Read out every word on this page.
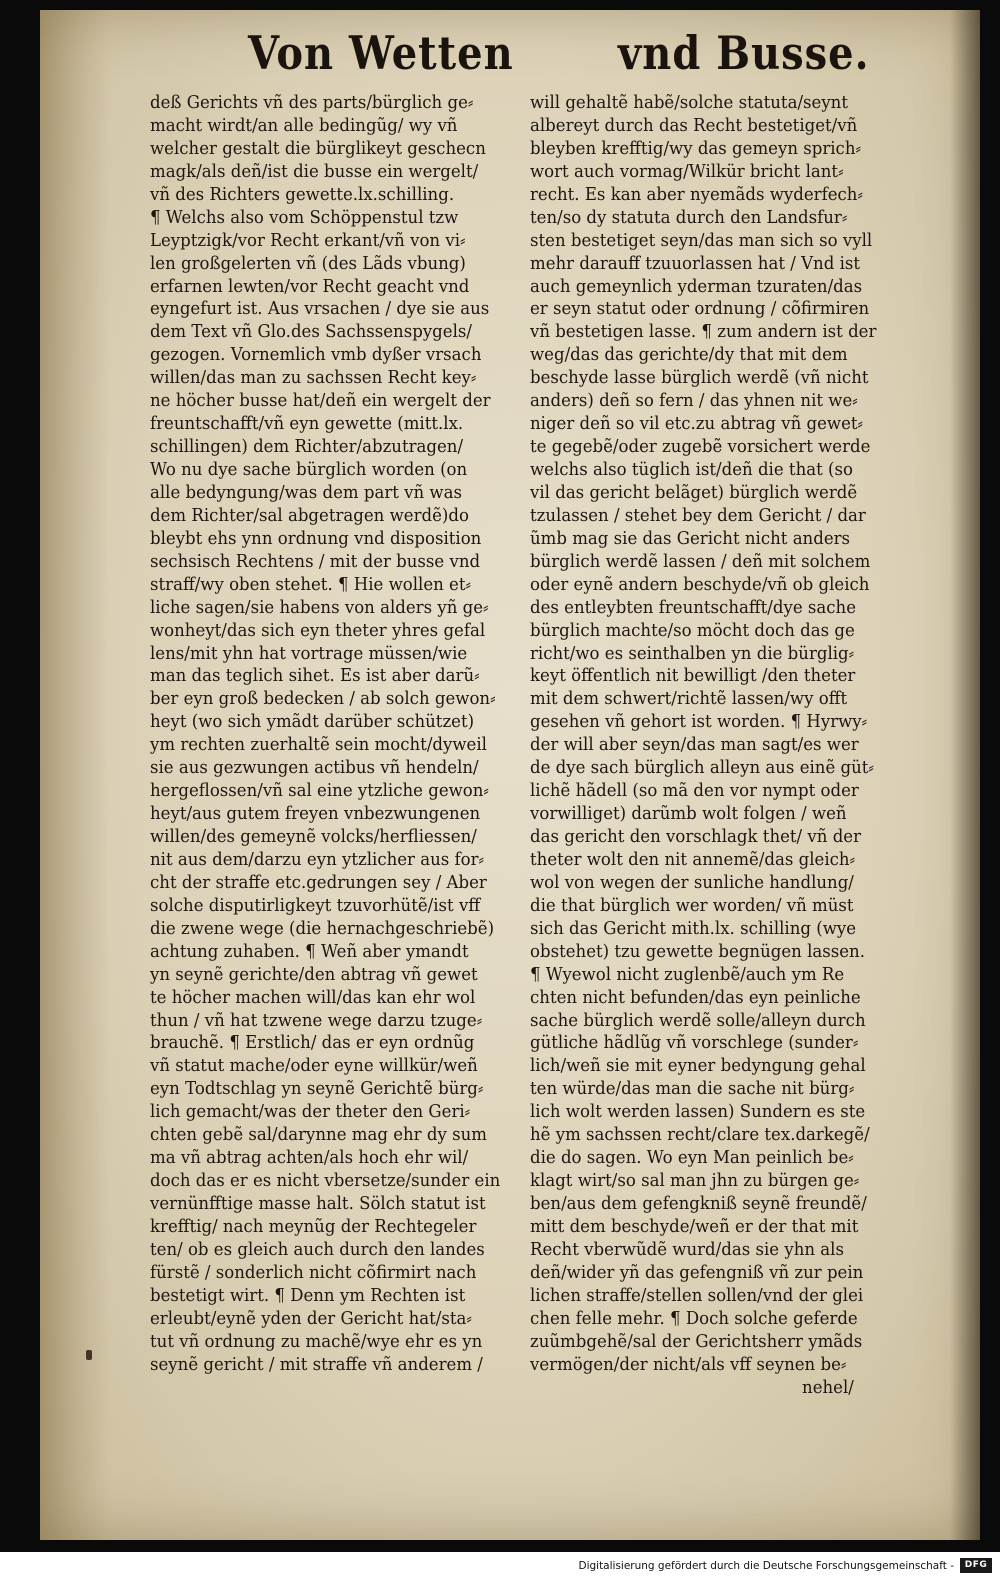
Von Wetten	vnd Busse.
deß Gerichts vñ des parts/bürglich ge⸗
macht wirdt/an alle bedingũg/ wy vñ
welcher gestalt die bürglikeyt geschecn
magk/als deñ/ist die busse ein wergelt/
vñ des Richters gewette.lx.schilling.
¶ Welchs also vom Schöppenstul tzw
Leyptzigk/vor Recht erkant/vñ von vi⸗
len großgelerten vñ (des Lãds vbung)
erfarnen lewten/vor Recht geacht vnd
eyngefurt ist. Aus vrsachen / dye sie aus
dem Text vñ Glo.des Sachssenspygels/
gezogen. Vornemlich vmb dyßer vrsach
willen/das man zu sachssen Recht key⸗
ne höcher busse hat/deñ ein wergelt der
freuntschafft/vñ eyn gewette (mitt.lx.
schillingen) dem Richter/abzutragen/
Wo nu dye sache bürglich worden (on
alle bedyngung/was dem part vñ was
dem Richter/sal abgetragen werdẽ)do
bleybt ehs ynn ordnung vnd disposition
sechsisch Rechtens / mit der busse vnd
straff/wy oben stehet. ¶ Hie wollen et⸗
liche sagen/sie habens von alders yñ ge⸗
wonheyt/das sich eyn theter yhres gefal
lens/mit yhn hat vortrage müssen/wie
man das teglich sihet. Es ist aber darũ⸗
ber eyn groß bedecken / ab solch gewon⸗
heyt (wo sich ymãdt darüber schützet)
ym rechten zuerhaltẽ sein mocht/dyweil
sie aus gezwungen actibus vñ hendeln/
hergeflossen/vñ sal eine ytzliche gewon⸗
heyt/aus gutem freyen vnbezwungenen
willen/des gemeynẽ volcks/herfliessen/
nit aus dem/darzu eyn ytzlicher aus for⸗
cht der straffe etc.gedrungen sey / Aber
solche disputirligkeyt tzuvorhütẽ/ist vff
die zwene wege (die hernachgeschriebẽ)
achtung zuhaben. ¶ Weñ aber ymandt
yn seynẽ gerichte/den abtrag vñ gewet
te höcher machen will/das kan ehr wol
thun / vñ hat tzwene wege darzu tzuge⸗
brauchẽ. ¶ Erstlich/ das er eyn ordnũg
vñ statut mache/oder eyne willkür/weñ
eyn Todtschlag yn seynẽ Gerichtẽ bürg⸗
lich gemacht/was der theter den Geri⸗
chten gebẽ sal/darynne mag ehr dy sum
ma vñ abtrag achten/als hoch ehr wil/
doch das er es nicht vbersetze/sunder ein
vernünfftige masse halt. Sölch statut ist
krefftig/ nach meynũg der Rechtegeler
ten/ ob es gleich auch durch den landes
fürstẽ / sonderlich nicht cõfirmirt nach
bestetigt wirt. ¶ Denn ym Rechten ist
erleubt/eynẽ yden der Gericht hat/sta⸗
tut vñ ordnung zu machẽ/wye ehr es yn
seynẽ gericht / mit straffe vñ anderem /
will gehaltẽ habẽ/solche statuta/seynt
albereyt durch das Recht bestetiget/vñ
bleyben krefftig/wy das gemeyn sprich⸗
wort auch vormag/Wilkür bricht lant⸗
recht. Es kan aber nyemãds wyderfech⸗
ten/so dy statuta durch den Landsfur⸗
sten bestetiget seyn/das man sich so vyll
mehr darauff tzuuorlassen hat / Vnd ist
auch gemeynlich yderman tzuraten/das
er seyn statut oder ordnung / cõfirmiren
vñ bestetigen lasse. ¶ zum andern ist der
weg/das das gerichte/dy that mit dem
beschyde lasse bürglich werdẽ (vñ nicht
anders) deñ so fern / das yhnen nit we⸗
niger deñ so vil etc.zu abtrag vñ gewet⸗
te gegebẽ/oder zugebẽ vorsichert werde
welchs also tüglich ist/deñ die that (so
vil das gericht belãget) bürglich werdẽ
tzulassen / stehet bey dem Gericht / dar
ũmb mag sie das Gericht nicht anders
bürglich werdẽ lassen / deñ mit solchem
oder eynẽ andern beschyde/vñ ob gleich
des entleybten freuntschafft/dye sache
bürglich machte/so möcht doch das ge
richt/wo es seinthalben yn die bürglig⸗
keyt öffentlich nit bewilligt /den theter
mit dem schwert/richtẽ lassen/wy offt
gesehen vñ gehort ist worden. ¶ Hyrwy⸗
der will aber seyn/das man sagt/es wer
de dye sach bürglich alleyn aus einẽ güt⸗
lichẽ hãdell (so mã den vor nympt oder
vorwilliget) darũmb wolt folgen / weñ
das gericht den vorschlagk thet/ vñ der
theter wolt den nit annemẽ/das gleich⸗
wol von wegen der sunliche handlung/
die that bürglich wer worden/ vñ müst
sich das Gericht mith.lx. schilling (wye
obstehet) tzu gewette begnügen lassen.
¶ Wyewol nicht zuglenbẽ/auch ym Re
chten nicht befunden/das eyn peinliche
sache bürglich werdẽ solle/alleyn durch
gütliche hãdlũg vñ vorschlege (sunder⸗
lich/weñ sie mit eyner bedyngung gehal
ten würde/das man die sache nit bürg⸗
lich wolt werden lassen) Sundern es ste
hẽ ym sachssen recht/clare tex.darkegẽ/
die do sagen. Wo eyn Man peinlich be⸗
klagt wirt/so sal man jhn zu bürgen ge⸗
ben/aus dem gefengkniß seynẽ freundẽ/
mitt dem beschyde/weñ er der that mit
Recht vberwũdẽ wurd/das sie yhn als
deñ/wider yñ das gefengniß vñ zur pein
lichen straffe/stellen sollen/vnd der glei
chen felle mehr. ¶ Doch solche geferde
zuũmbgehẽ/sal der Gerichtsherr ymãds
vermögen/der nicht/als vff seynen be⸗
nehel/
Digitalisierung gefördert durch die Deutsche Forschungsgemeinschaft -	DFG
